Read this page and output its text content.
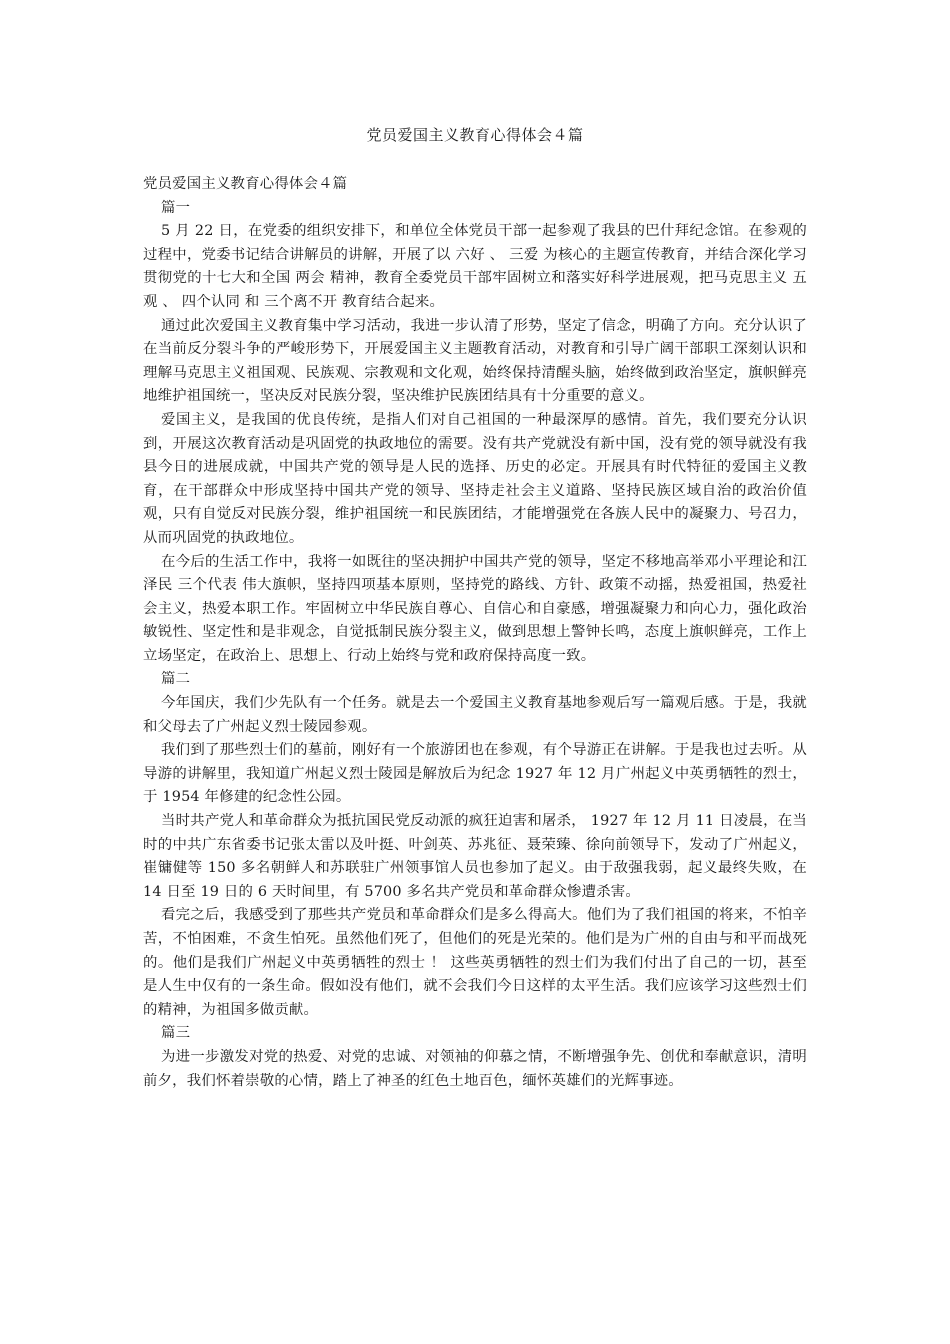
党员爱国主义教育心得体会４篇

党员爱国主义教育心得体会４篇

篇一

5 月 22 日，在党委的组织安排下，和单位全体党员干部一起参观了我县的巴什拜纪念馆。在参观的过程中，党委书记结合讲解员的讲解，开展了以 六好 、 三爱 为核心的主题宣传教育，并结合深化学习贯彻党的十七大和全国 两会 精神，教育全委党员干部牢固树立和落实好科学进展观，把马克思主义 五观 、 四个认同 和 三个离不开 教育结合起来。

通过此次爱国主义教育集中学习活动，我进一步认清了形势，坚定了信念，明确了方向。充分认识了在当前反分裂斗争的严峻形势下，开展爱国主义主题教育活动，对教育和引导广阔干部职工深刻认识和理解马克思主义祖国观、民族观、宗教观和文化观，始终保持清醒头脑，始终做到政治坚定，旗帜鲜亮地维护祖国统一，坚决反对民族分裂，坚决维护民族团结具有十分重要的意义。

爱国主义，是我国的优良传统，是指人们对自己祖国的一种最深厚的感情。首先，我们要充分认识到，开展这次教育活动是巩固党的执政地位的需要。没有共产党就没有新中国，没有党的领导就没有我县今日的进展成就，中国共产党的领导是人民的选择、历史的必定。开展具有时代特征的爱国主义教育，在干部群众中形成坚持中国共产党的领导、坚持走社会主义道路、坚持民族区域自治的政治价值观，只有自觉反对民族分裂，维护祖国统一和民族团结，才能增强党在各族人民中的凝聚力、号召力，从而巩固党的执政地位。

在今后的生活工作中，我将一如既往的坚决拥护中国共产党的领导，坚定不移地高举邓小平理论和江泽民 三个代表 伟大旗帜，坚持四项基本原则，坚持党的路线、方针、政策不动摇，热爱祖国，热爱社会主义，热爱本职工作。牢固树立中华民族自尊心、自信心和自豪感，增强凝聚力和向心力，强化政治敏锐性、坚定性和是非观念，自觉抵制民族分裂主义，做到思想上警钟长鸣，态度上旗帜鲜亮，工作上立场坚定，在政治上、思想上、行动上始终与党和政府保持高度一致。

篇二

今年国庆，我们少先队有一个任务。就是去一个爱国主义教育基地参观后写一篇观后感。于是，我就和父母去了广州起义烈士陵园参观。

我们到了那些烈士们的墓前，刚好有一个旅游团也在参观，有个导游正在讲解。于是我也过去听。从导游的讲解里，我知道广州起义烈士陵园是解放后为纪念 1927 年 12 月广州起义中英勇牺牲的烈士，于 1954 年修建的纪念性公园。

当时共产党人和革命群众为抵抗国民党反动派的疯狂迫害和屠杀， 1927 年 12 月 11 日凌晨，在当时的中共广东省委书记张太雷以及叶挺、叶剑英、苏兆征、聂荣臻、徐向前领导下，发动了广州起义，崔镛健等 150 多名朝鲜人和苏联驻广州领事馆人员也参加了起义。由于敌强我弱，起义最终失败，在 14 日至 19 日的 6 天时间里，有 5700 多名共产党员和革命群众惨遭杀害。

看完之后，我感受到了那些共产党员和革命群众们是多么得高大。他们为了我们祖国的将来，不怕辛苦，不怕困难，不贪生怕死。虽然他们死了，但他们的死是光荣的。他们是为广州的自由与和平而战死的。他们是我们广州起义中英勇牺牲的烈士 ！ 这些英勇牺牲的烈士们为我们付出了自己的一切，甚至是人生中仅有的一条生命。假如没有他们，就不会我们今日这样的太平生活。我们应该学习这些烈士们的精神，为祖国多做贡献。

篇三

为进一步激发对党的热爱、对党的忠诚、对领袖的仰慕之情，不断增强争先、创优和奉献意识，清明前夕，我们怀着崇敬的心情，踏上了神圣的红色土地百色，缅怀英雄们的光辉事迹。
